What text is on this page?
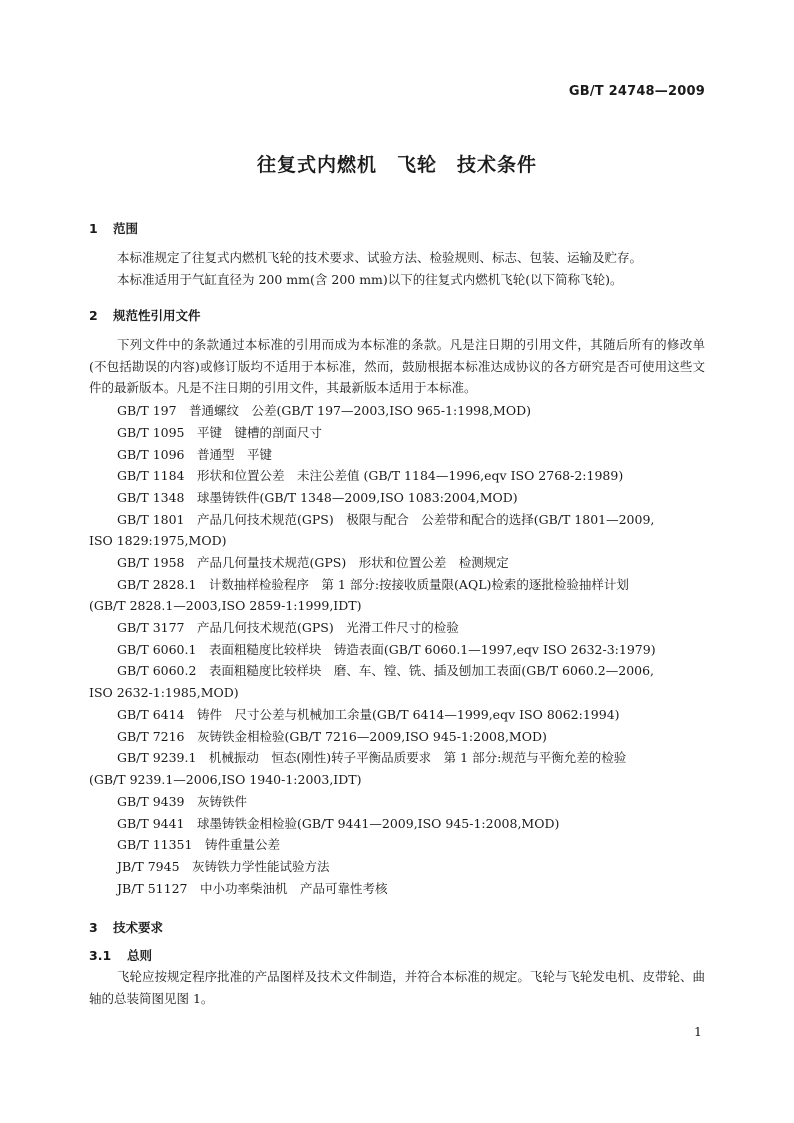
GB/T 24748—2009
往复式内燃机　飞轮　技术条件
1 范围
本标准规定了往复式内燃机飞轮的技术要求、试验方法、检验规则、标志、包装、运输及贮存。
本标准适用于气缸直径为 200 mm(含 200 mm)以下的往复式内燃机飞轮(以下简称飞轮)。
2 规范性引用文件
下列文件中的条款通过本标准的引用而成为本标准的条款。凡是注日期的引用文件，其随后所有的修改单(不包括勘误的内容)或修订版均不适用于本标准，然而，鼓励根据本标准达成协议的各方研究是否可使用这些文件的最新版本。凡是不注日期的引用文件，其最新版本适用于本标准。
GB/T 197　普通螺纹　公差(GB/T 197—2003,ISO 965-1:1998,MOD)
GB/T 1095　平键　键槽的剖面尺寸
GB/T 1096　普通型　平键
GB/T 1184　形状和位置公差　未注公差值 (GB/T 1184—1996,eqv ISO 2768-2:1989)
GB/T 1348　球墨铸铁件(GB/T 1348—2009,ISO 1083:2004,MOD)
GB/T 1801　产品几何技术规范(GPS)　极限与配合　公差带和配合的选择(GB/T 1801—2009,
ISO 1829:1975,MOD)
GB/T 1958　产品几何量技术规范(GPS)　形状和位置公差　检测规定
GB/T 2828.1　计数抽样检验程序　第 1 部分:按接收质量限(AQL)检索的逐批检验抽样计划
(GB/T 2828.1—2003,ISO 2859-1:1999,IDT)
GB/T 3177　产品几何技术规范(GPS)　光滑工件尺寸的检验
GB/T 6060.1　表面粗糙度比较样块　铸造表面(GB/T 6060.1—1997,eqv ISO 2632-3:1979)
GB/T 6060.2　表面粗糙度比较样块　磨、车、镗、铣、插及刨加工表面(GB/T 6060.2—2006,
ISO 2632-1:1985,MOD)
GB/T 6414　铸件　尺寸公差与机械加工余量(GB/T 6414—1999,eqv ISO 8062:1994)
GB/T 7216　灰铸铁金相检验(GB/T 7216—2009,ISO 945-1:2008,MOD)
GB/T 9239.1　机械振动　恒态(刚性)转子平衡品质要求　第 1 部分:规范与平衡允差的检验
(GB/T 9239.1—2006,ISO 1940-1:2003,IDT)
GB/T 9439　灰铸铁件
GB/T 9441　球墨铸铁金相检验(GB/T 9441—2009,ISO 945-1:2008,MOD)
GB/T 11351　铸件重量公差
JB/T 7945　灰铸铁力学性能试验方法
JB/T 51127　中小功率柴油机　产品可靠性考核
3 技术要求
3.1 总则
飞轮应按规定程序批准的产品图样及技术文件制造，并符合本标准的规定。飞轮与飞轮发电机、皮带轮、曲轴的总装简图见图 1。
1
